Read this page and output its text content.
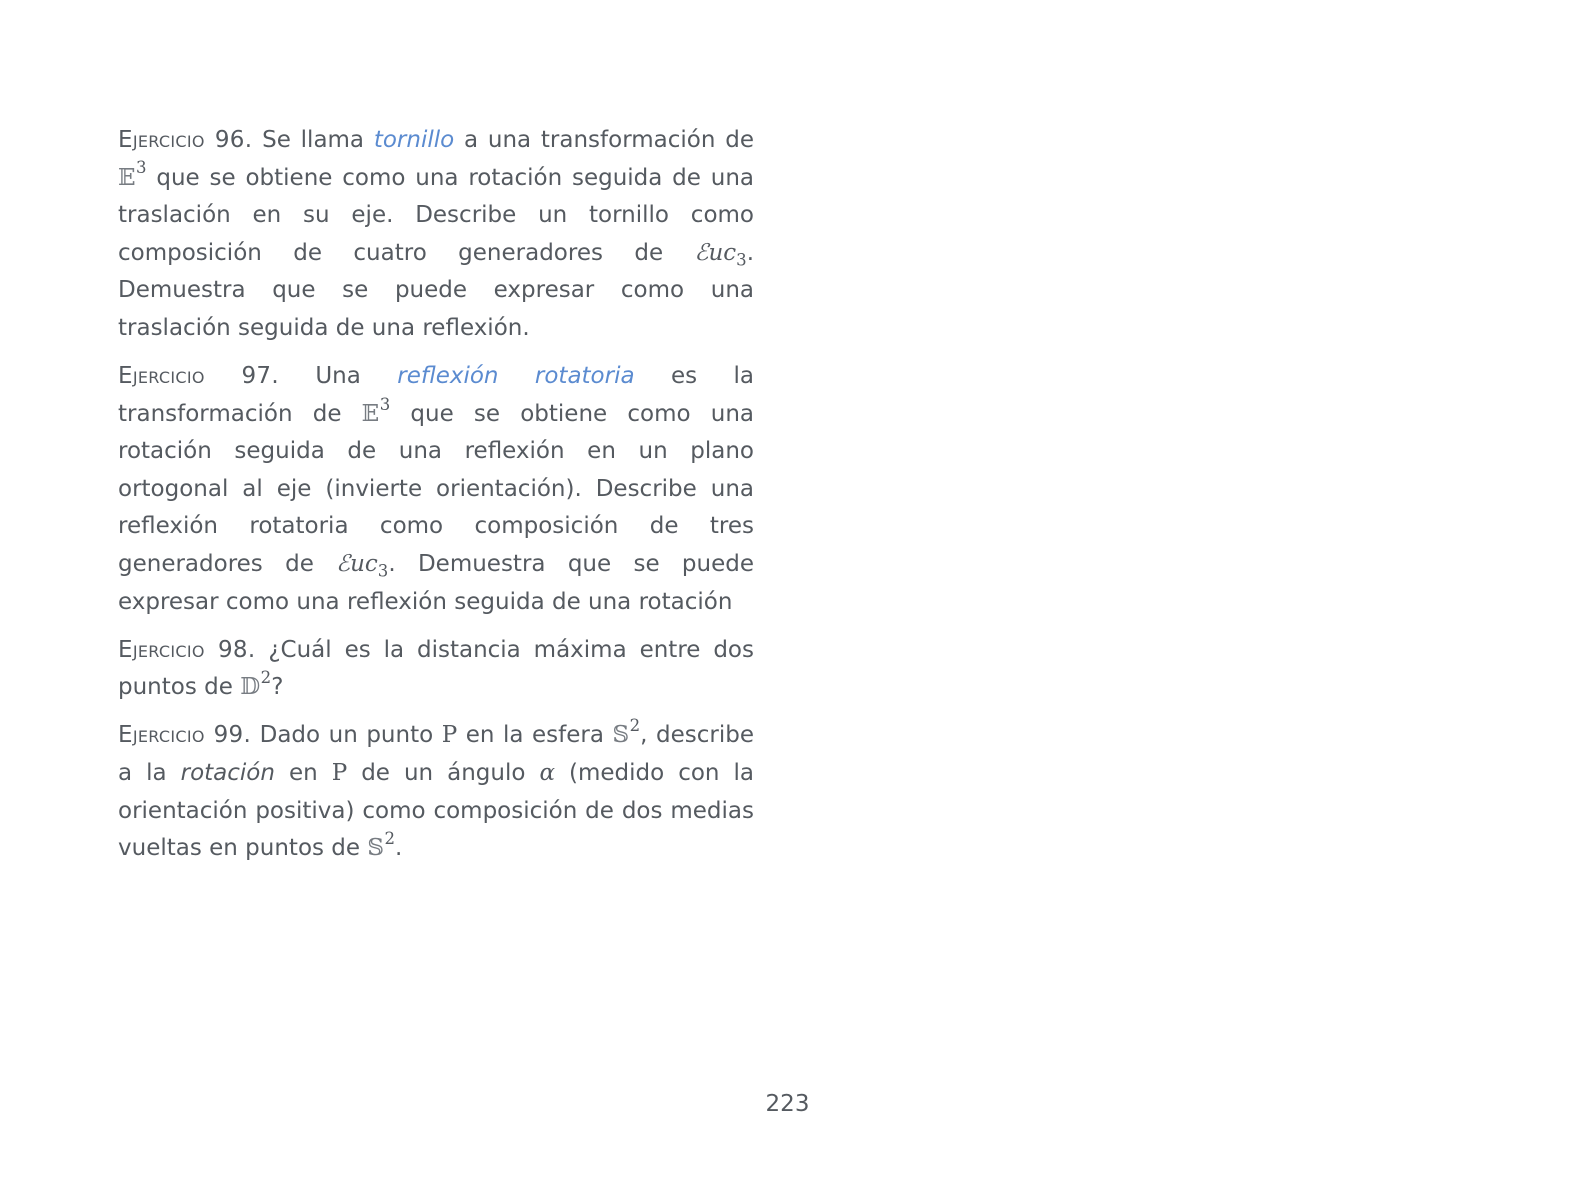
Ejercicio 96. Se llama tornillo a una transformación de 𝔼$^3$ que se obtiene como una rotación seguida de una traslación en su eje. Describe un tornillo como composición de cuatro generadores de ℰuc$_3$. Demuestra que se puede expresar como una traslación seguida de una reflexión.

Ejercicio 97. Una reflexión rotatoria es la transformación de 𝔼$^3$ que se obtiene como una rotación seguida de una reflexión en un plano ortogonal al eje (invierte orientación). Describe una reflexión rotatoria como composición de tres generadores de ℰuc$_3$. Demuestra que se puede expresar como una reflexión seguida de una rotación

Ejercicio 98. ¿Cuál es la distancia máxima entre dos puntos de 𝔻$^2$?

Ejercicio 99. Dado un punto P en la esfera 𝕊$^2$, describe a la rotación en P de un ángulo α (medido con la orientación positiva) como composición de dos medias vueltas en puntos de 𝕊$^2$.

223
